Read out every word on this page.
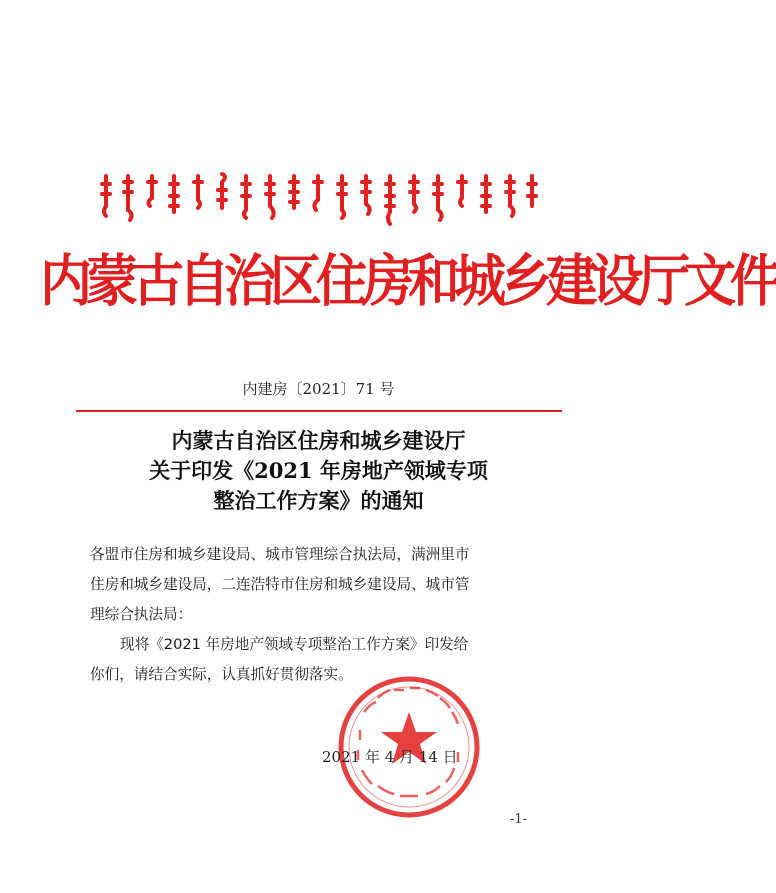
内蒙古自治区住房和城乡建设厅文件
内建房〔2021〕71 号
内蒙古自治区住房和城乡建设厅
关于印发《2021 年房地产领域专项
整治工作方案》的通知

各盟市住房和城乡建设局、城市管理综合执法局，满洲里市

住房和城乡建设局，二连浩特市住房和城乡建设局、城市管

理综合执法局：

现将《2021 年房地产领域专项整治工作方案》印发给

你们，请结合实际，认真抓好贯彻落实。

2021 年 4 月 14 日
-1-
